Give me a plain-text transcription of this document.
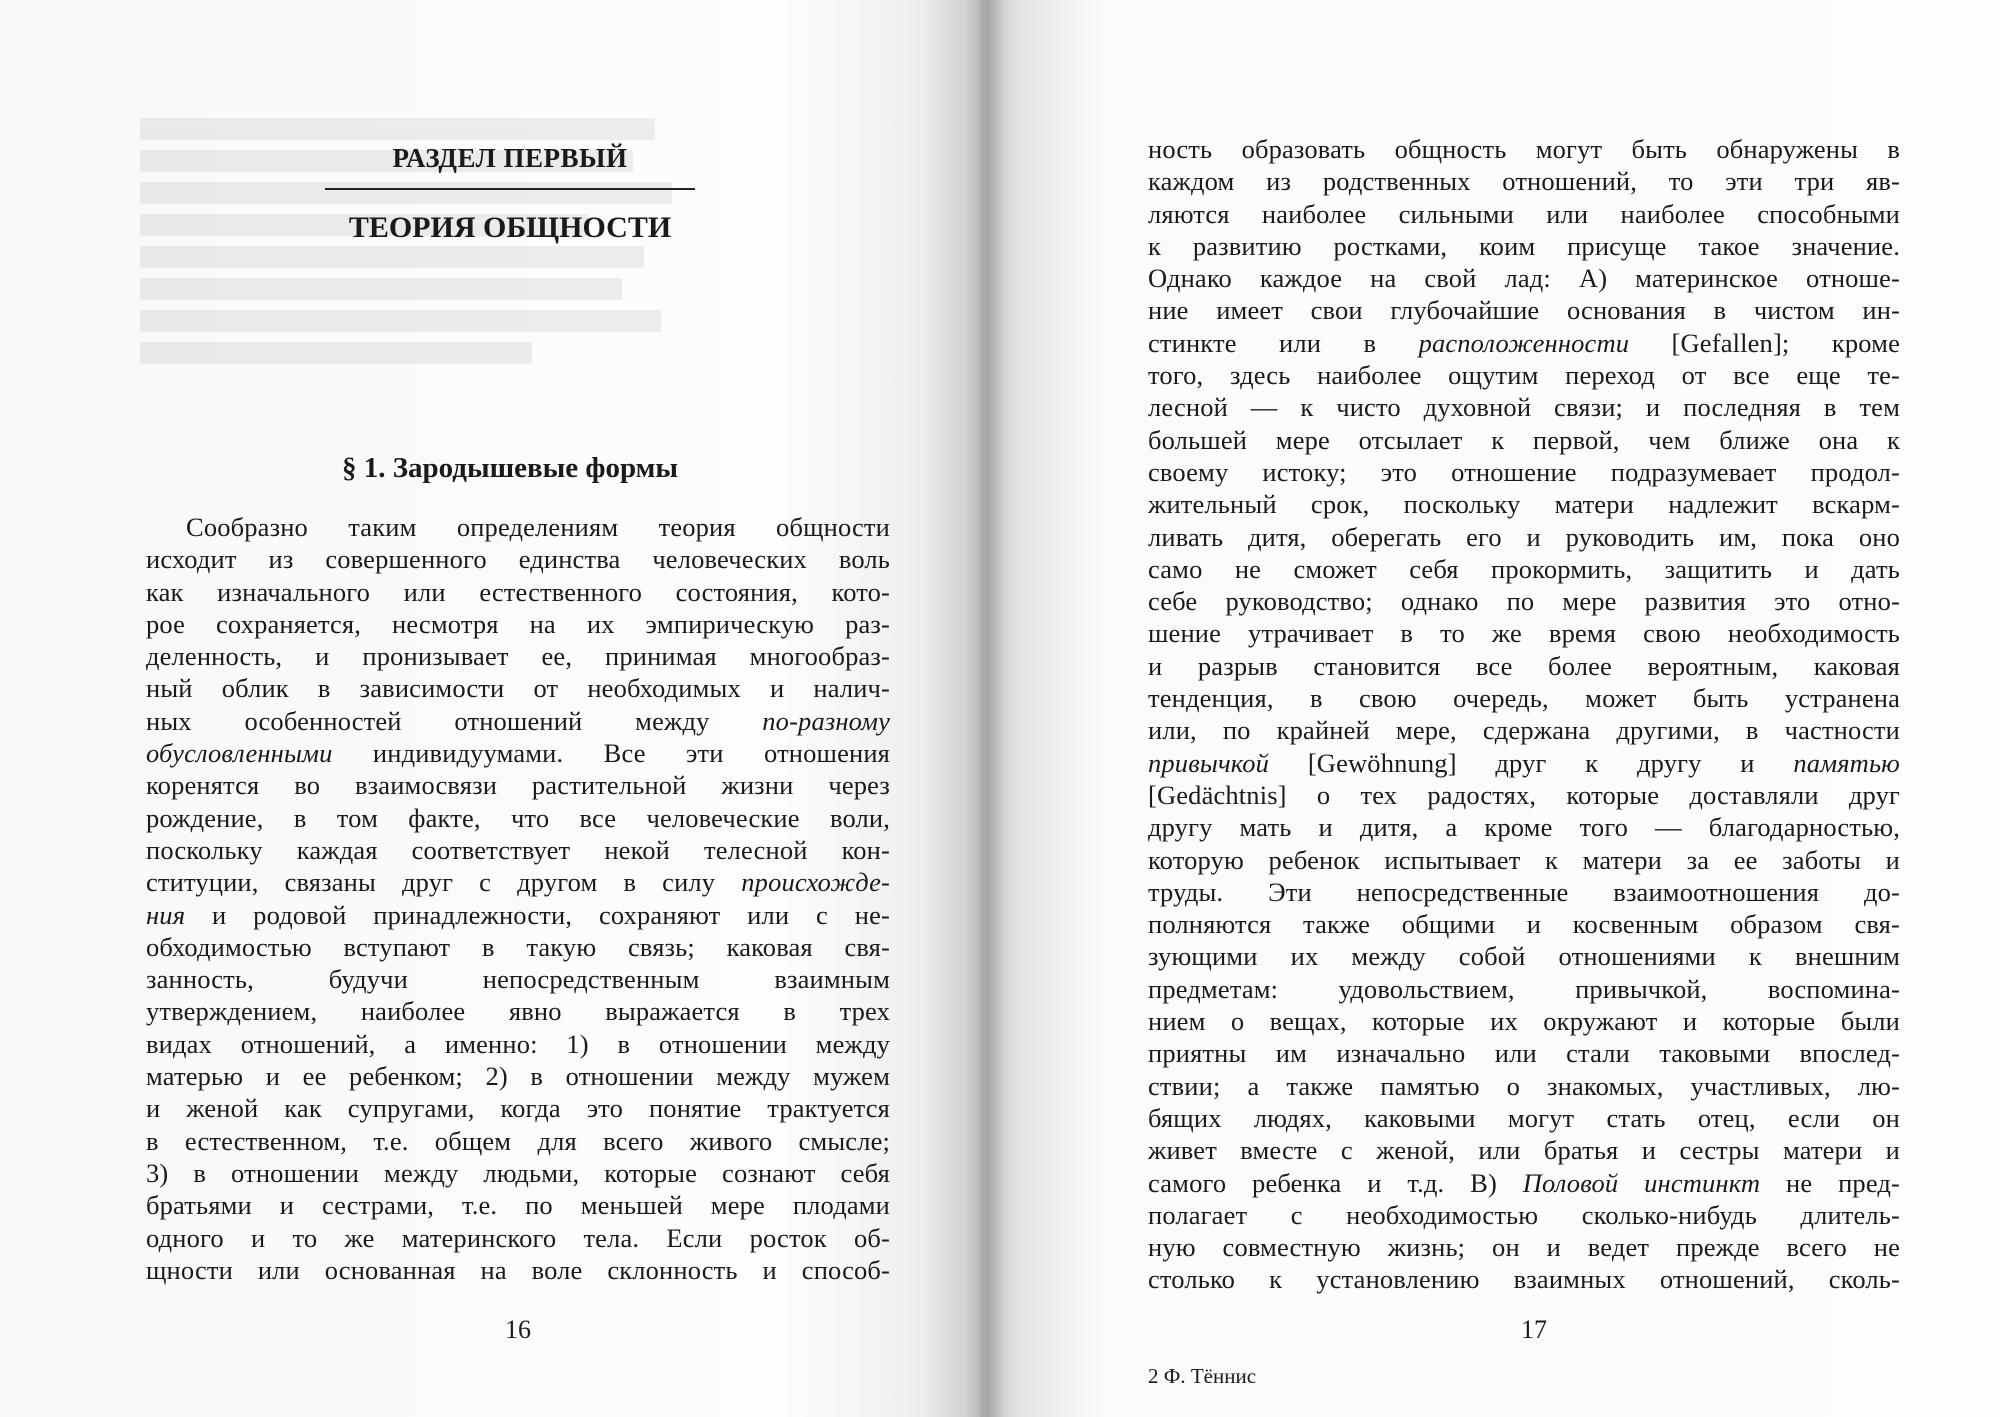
РАЗДЕЛ ПЕРВЫЙ

ТЕОРИЯ ОБЩНОСТИ

§ 1. Зародышевые формы

Сообразно таким определениям теория общности
исходит из совершенного единства человеческих воль
как изначального или естественного состояния, кото-
рое сохраняется, несмотря на их эмпирическую раз-
деленность, и пронизывает ее, принимая многообраз-
ный облик в зависимости от необходимых и налич-
ных особенностей отношений между по-разному
обусловленными индивидуумами. Все эти отношения
коренятся во взаимосвязи растительной жизни через
рождение, в том факте, что все человеческие воли,
поскольку каждая соответствует некой телесной кон-
ституции, связаны друг с другом в силу происхожде-
ния и родовой принадлежности, сохраняют или с не-
обходимостью вступают в такую связь; каковая свя-
занность, будучи непосредственным взаимным
утверждением, наиболее явно выражается в трех
видах отношений, а именно: 1) в отношении между
матерью и ее ребенком; 2) в отношении между мужем
и женой как супругами, когда это понятие трактуется
в естественном, т.е. общем для всего живого смысле;
3) в отношении между людьми, которые сознают себя
братьями и сестрами, т.е. по меньшей мере плодами
одного и то же материнского тела. Если росток об-
щности или основанная на воле склонность и способ-
16
ность образовать общность могут быть обнаружены в
каждом из родственных отношений, то эти три яв-
ляются наиболее сильными или наиболее способными
к развитию ростками, коим присуще такое значение.
Однако каждое на свой лад: A) материнское отноше-
ние имеет свои глубочайшие основания в чистом ин-
стинкте или в расположенности [Gefallen]; кроме
того, здесь наиболее ощутим переход от все еще те-
лесной — к чисто духовной связи; и последняя в тем
большей мере отсылает к первой, чем ближе она к
своему истоку; это отношение подразумевает продол-
жительный срок, поскольку матери надлежит вскарм-
ливать дитя, оберегать его и руководить им, пока оно
само не сможет себя прокормить, защитить и дать
себе руководство; однако по мере развития это отно-
шение утрачивает в то же время свою необходимость
и разрыв становится все более вероятным, каковая
тенденция, в свою очередь, может быть устранена
или, по крайней мере, сдержана другими, в частности
привычкой [Gewöhnung] друг к другу и памятью
[Gedächtnis] о тех радостях, которые доставляли друг
другу мать и дитя, а кроме того — благодарностью,
которую ребенок испытывает к матери за ее заботы и
труды. Эти непосредственные взаимоотношения до-
полняются также общими и косвенным образом свя-
зующими их между собой отношениями к внешним
предметам: удовольствием, привычкой, воспомина-
нием о вещах, которые их окружают и которые были
приятны им изначально или стали таковыми впослед-
ствии; а также памятью о знакомых, участливых, лю-
бящих людях, каковыми могут стать отец, если он
живет вместе с женой, или братья и сестры матери и
самого ребенка и т.д. B) Половой инстинкт не пред-
полагает с необходимостью сколько-нибудь длитель-
ную совместную жизнь; он и ведет прежде всего не
столько к установлению взаимных отношений, сколь-
17
2 Ф. Тённис
